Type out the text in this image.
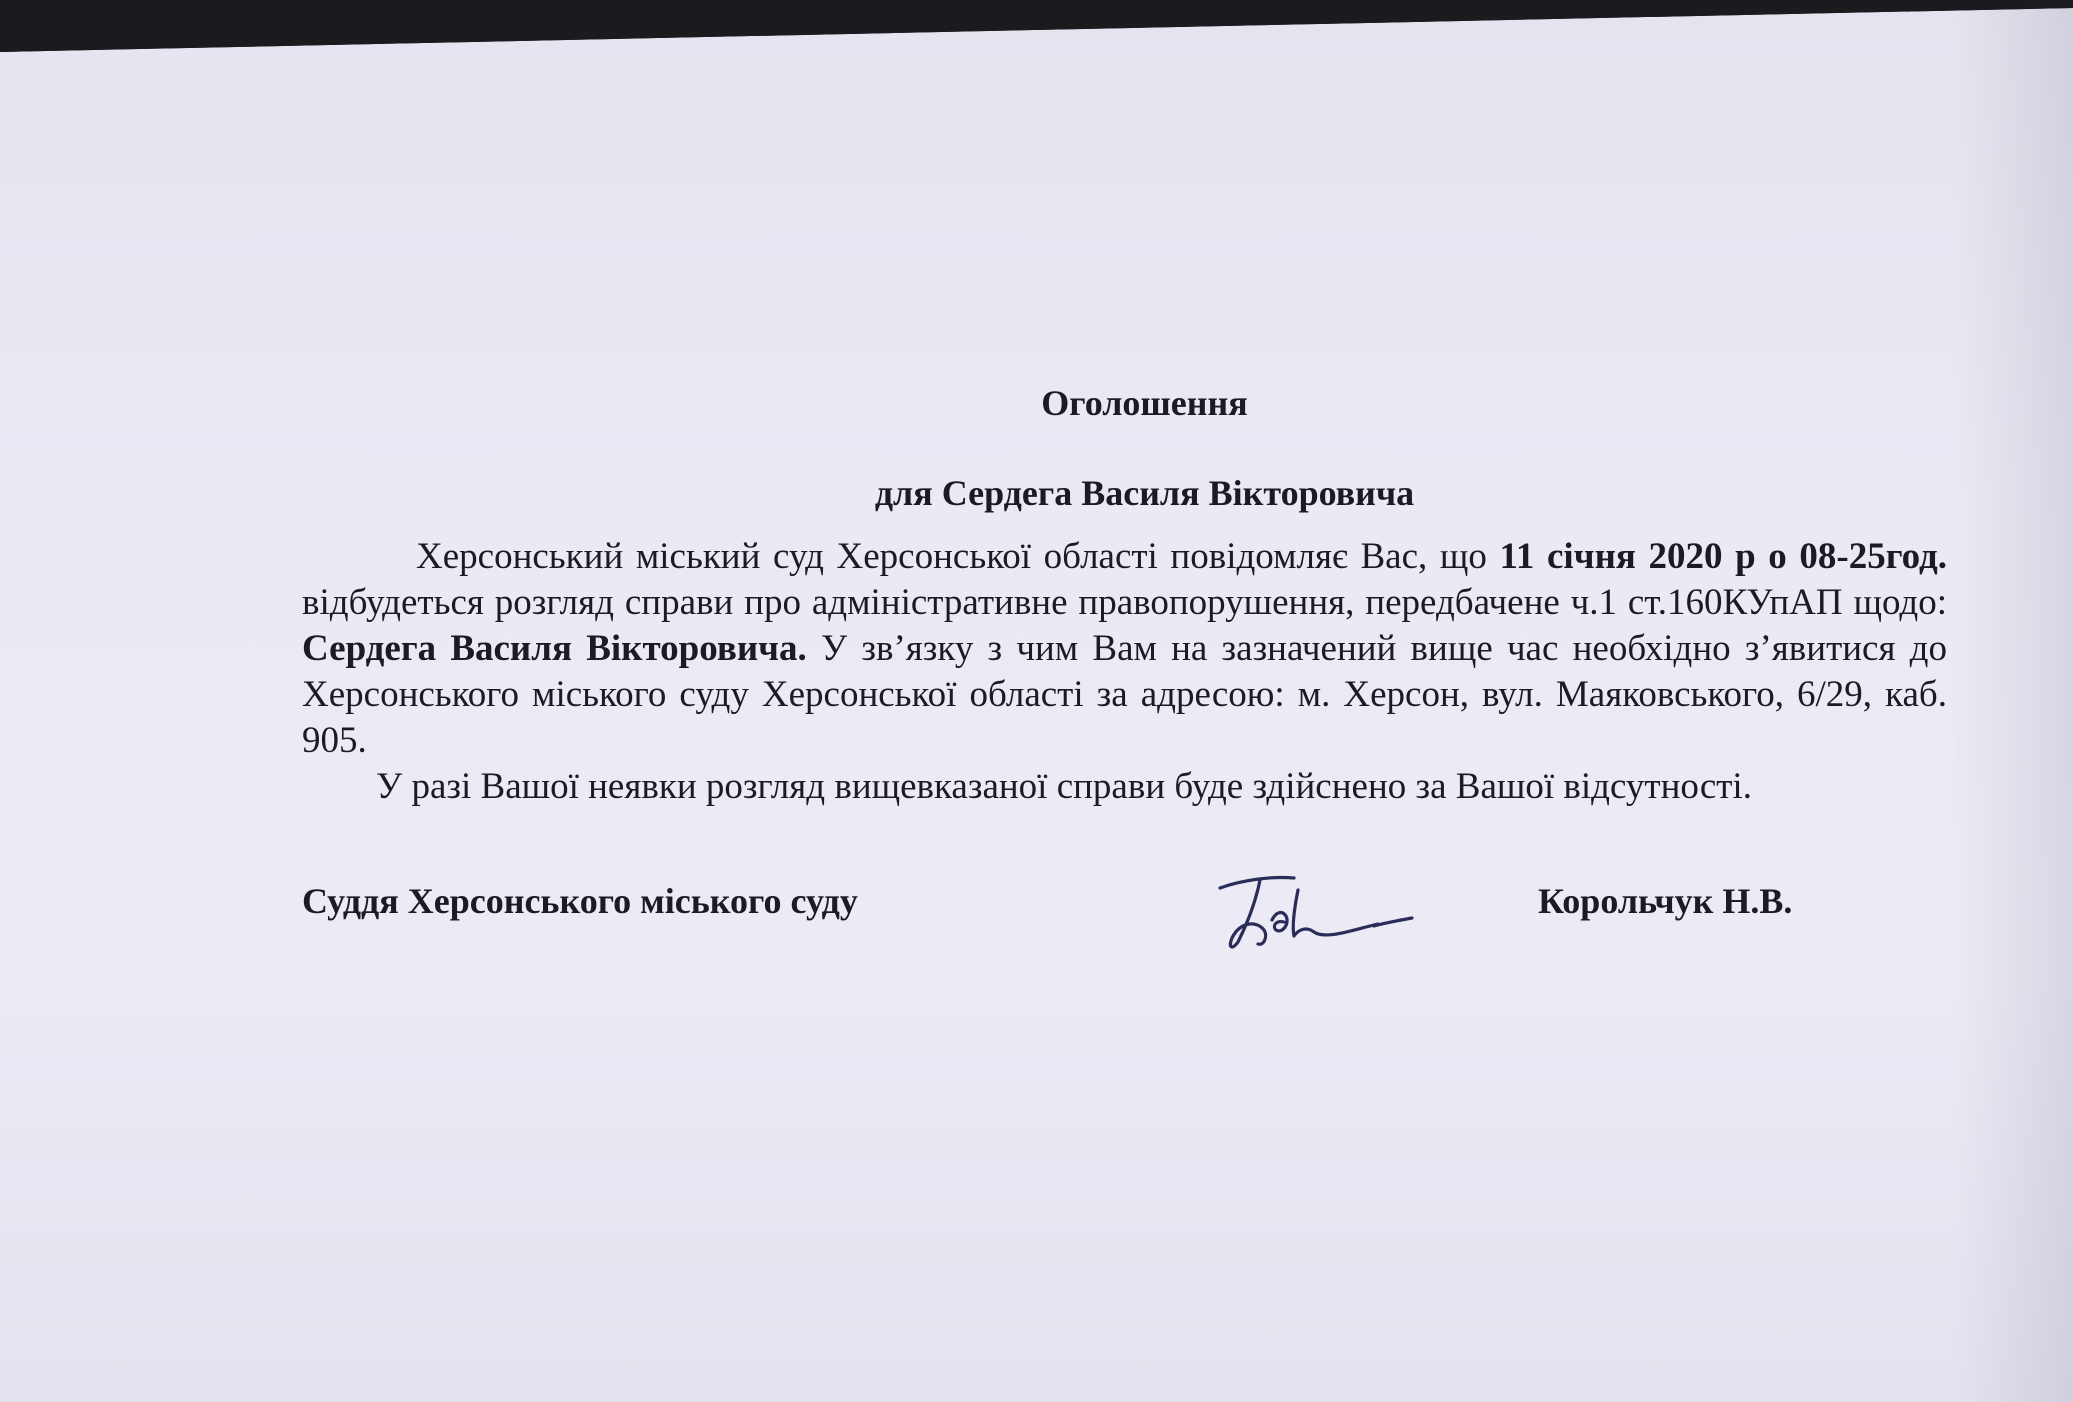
Оголошення
для Сердега Василя Вікторовича

Херсонський міський суд Херсонської області повідомляє Вас, що 11 січня 2020 р о 08-25год. відбудеться розгляд справи про адміністративне правопорушення, передбачене ч.1 ст.160КУпАП щодо: Сердега Василя Вікторовича. У зв’язку з чим Вам на зазначений вище час необхідно з’явитися до Херсонського міського суду Херсонської області за адресою: м. Херсон, вул. Маяковського, 6/29, каб. 905.

У разі Вашої неявки розгляд вищевказаної справи буде здійснено за Вашої відсутності.

Суддя Херсонського міського суду	Корольчук Н.В.
